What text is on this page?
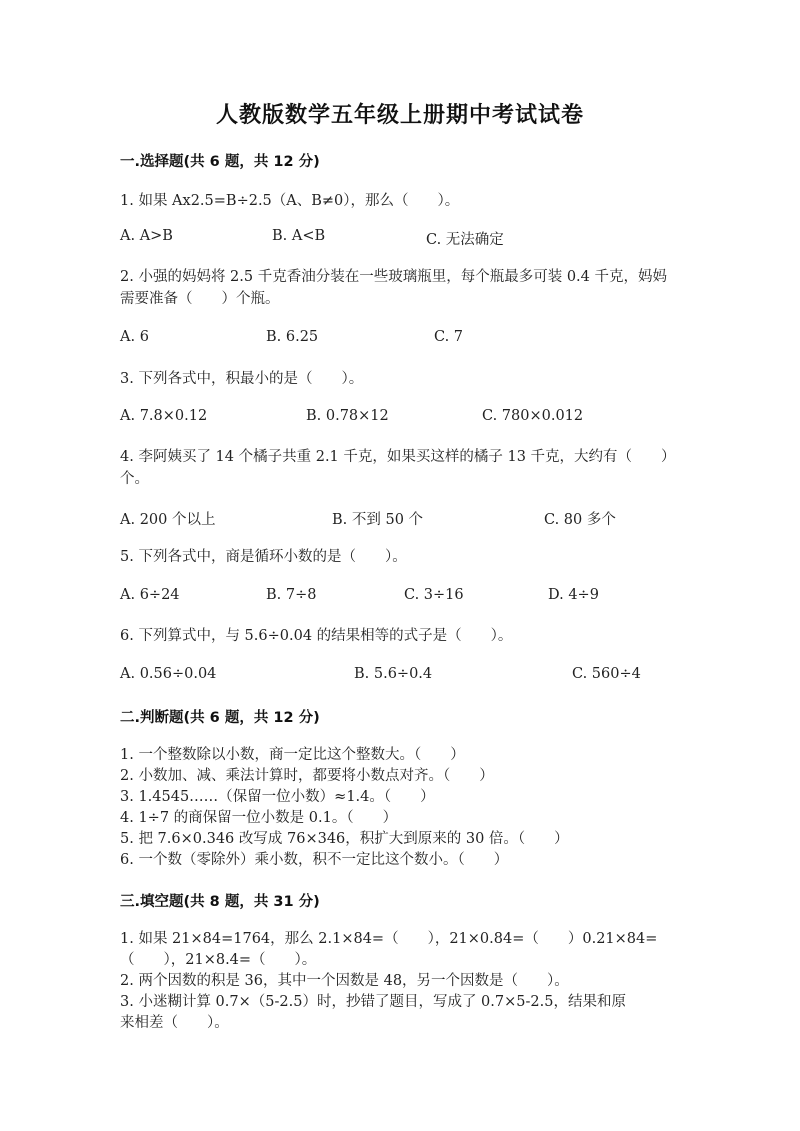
人教版数学五年级上册期中考试试卷
一.选择题(共 6 题，共 12 分)
1. 如果 Ax2.5=B÷2.5（A、B≠0），那么（　　）。
A. A>B	B. A<B	C. 无法确定
2. 小强的妈妈将 2.5 千克香油分装在一些玻璃瓶里，每个瓶最多可装 0.4 千克，妈妈需要准备（　　）个瓶。
A. 6	B. 6.25	C. 7
3. 下列各式中，积最小的是（　　）。
A. 7.8×0.12	B. 0.78×12	C. 780×0.012
4. 李阿姨买了 14 个橘子共重 2.1 千克，如果买这样的橘子 13 千克，大约有（　　）个。
A. 200 个以上	B. 不到 50 个	C. 80 多个
5. 下列各式中，商是循环小数的是（　　）。
A. 6÷24	B. 7÷8	C. 3÷16	D. 4÷9
6. 下列算式中，与 5.6÷0.04 的结果相等的式子是（　　）。
A. 0.56÷0.04	B. 5.6÷0.4	C. 560÷4
二.判断题(共 6 题，共 12 分)
1. 一个整数除以小数，商一定比这个整数大。（　　）
2. 小数加、减、乘法计算时，都要将小数点对齐。（　　）
3. 1.4545……（保留一位小数）≈1.4。（　　）
4. 1÷7 的商保留一位小数是 0.1。（　　）
5. 把 7.6×0.346 改写成 76×346，积扩大到原来的 30 倍。（　　）
6. 一个数（零除外）乘小数，积不一定比这个数小。（　　）
三.填空题(共 8 题，共 31 分)
1. 如果 21×84=1764，那么 2.1×84=（　　），21×0.84=（　　）0.21×84=
（　　），21×8.4=（　　）。
2. 两个因数的积是 36，其中一个因数是 48，另一个因数是（　　）。
3. 小迷糊计算 0.7×（5-2.5）时，抄错了题目，写成了 0.7×5-2.5，结果和原
来相差（　　）。
